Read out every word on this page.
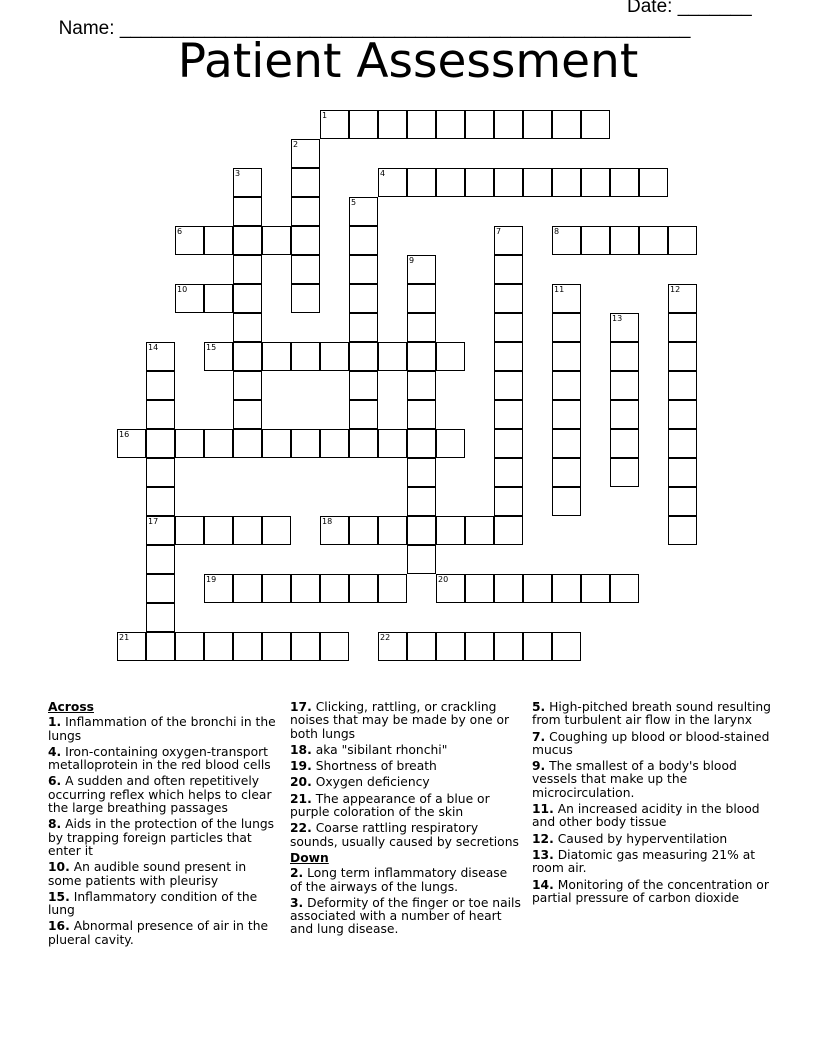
Name: ______________________________________________________

Date: _______

Patient Assessment
1
2
3	4
5
6	7	8
9
10	11	12
13
14
17
15
16
18
19	20
21	22
Across
1. Inflammation of the bronchi in the lungs
4. Iron-containing oxygen-transport metalloprotein in the red blood cells
6. A sudden and often repetitively occurring reflex which helps to clear the large breathing passages
8. Aids in the protection of the lungs by trapping foreign particles that enter it
10. An audible sound present in some patients with pleurisy
15. Inflammatory condition of the lung
16. Abnormal presence of air in the plueral cavity.
17. Clicking, rattling, or crackling noises that may be made by one or both lungs
18. aka "sibilant rhonchi"
19. Shortness of breath
20. Oxygen deficiency
21. The appearance of a blue or purple coloration of the skin
22. Coarse rattling respiratory sounds, usually caused by secretions
Down
2. Long term inflammatory disease of the airways of the lungs.
3. Deformity of the finger or toe nails associated with a number of heart and lung disease.
5. High-pitched breath sound resulting from turbulent air flow in the larynx
7. Coughing up blood or blood-stained mucus
9. The smallest of a body's blood vessels that make up the microcirculation.
11. An increased acidity in the blood and other body tissue
12. Caused by hyperventilation
13. Diatomic gas measuring 21% at room air.
14. Monitoring of the concentration or partial pressure of carbon dioxide
